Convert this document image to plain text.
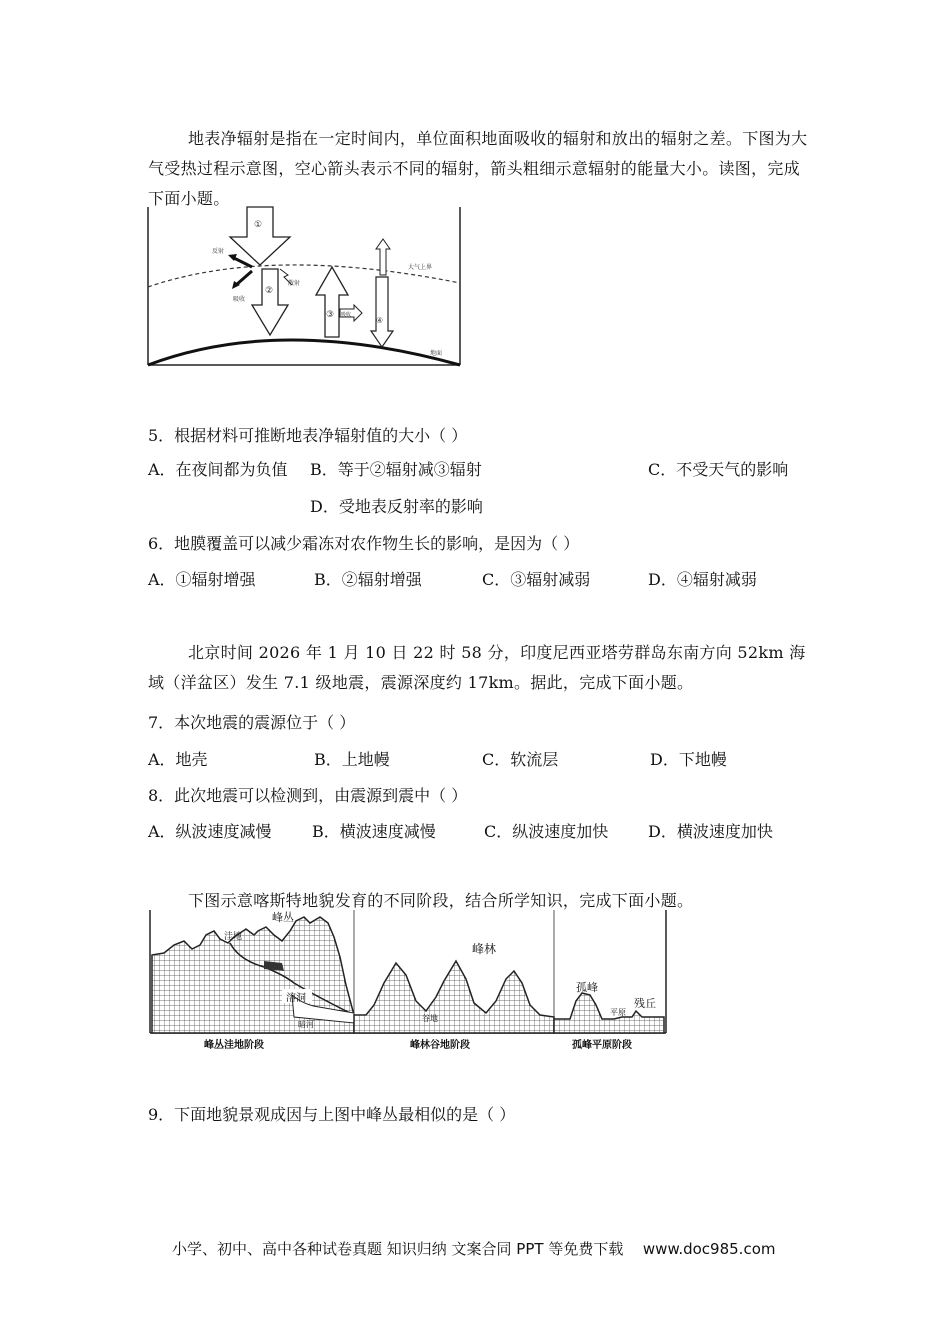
地表净辐射是指在一定时间内，单位面积地面吸收的辐射和放出的辐射之差。下图为大气受热过程示意图，空心箭头表示不同的辐射，箭头粗细示意辐射的能量大小。读图，完成下面小题。
①
②
反射
吸收
散射
③ 吸收
④
大气上界
地面
5．根据材料可推断地表净辐射值的大小（ ）
A．在夜间都为负值 B．等于②辐射减③辐射	C．不受天气的影响
D．受地表反射率的影响
6．地膜覆盖可以减少霜冻对农作物生长的影响，是因为（ ）
A．①辐射增强	B．②辐射增强	C．③辐射减弱	D．④辐射减弱
北京时间 2026 年 1 月 10 日 22 时 58 分，印度尼西亚塔劳群岛东南方向 52km 海域（洋盆区）发生 7.1 级地震，震源深度约 17km。据此，完成下面小题。
7．本次地震的震源位于（ ）
A．地壳	B．上地幔	C．软流层	D．下地幔
8．此次地震可以检测到，由震源到震中（ ）
A．纵波速度减慢	B．横波速度减慢	C．纵波速度加快 D．横波速度加快
下图示意喀斯特地貌发育的不同阶段，结合所学知识，完成下面小题。
峰丛
洼地
溶洞
暗河
峰林
谷地
孤峰
平原
残丘
峰丛洼地阶段	峰林谷地阶段	孤峰平原阶段
9．下面地貌景观成因与上图中峰丛最相似的是（ ）
小学、初中、高中各种试卷真题 知识归纳 文案合同 PPT 等免费下载 www.doc985.com
